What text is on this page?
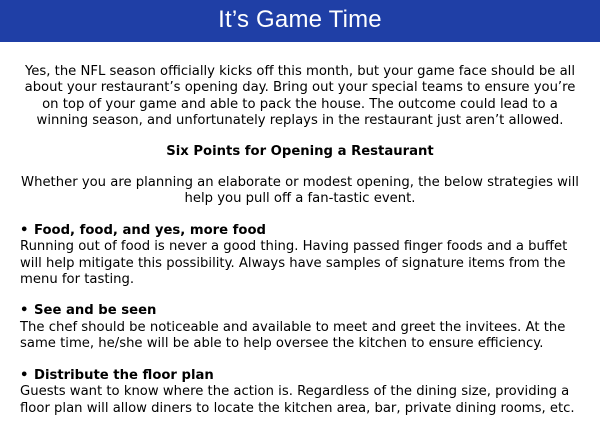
It’s Game Time

Yes, the NFL season officially kicks off this month, but your game face should be all about your restaurant’s opening day. Bring out your special teams to ensure you’re on top of your game and able to pack the house. The outcome could lead to a winning season, and unfortunately replays in the restaurant just aren’t allowed.

Six Points for Opening a Restaurant

Whether you are planning an elaborate or modest opening, the below strategies will help you pull off a fan-tastic event.

• Food, food, and yes, more food

Running out of food is never a good thing. Having passed finger foods and a buffet will help mitigate this possibility. Always have samples of signature items from the menu for tasting.

• See and be seen

The chef should be noticeable and available to meet and greet the invitees. At the same time, he/she will be able to help oversee the kitchen to ensure efficiency.

• Distribute the floor plan

Guests want to know where the action is. Regardless of the dining size, providing a floor plan will allow diners to locate the kitchen area, bar, private dining rooms, etc.
